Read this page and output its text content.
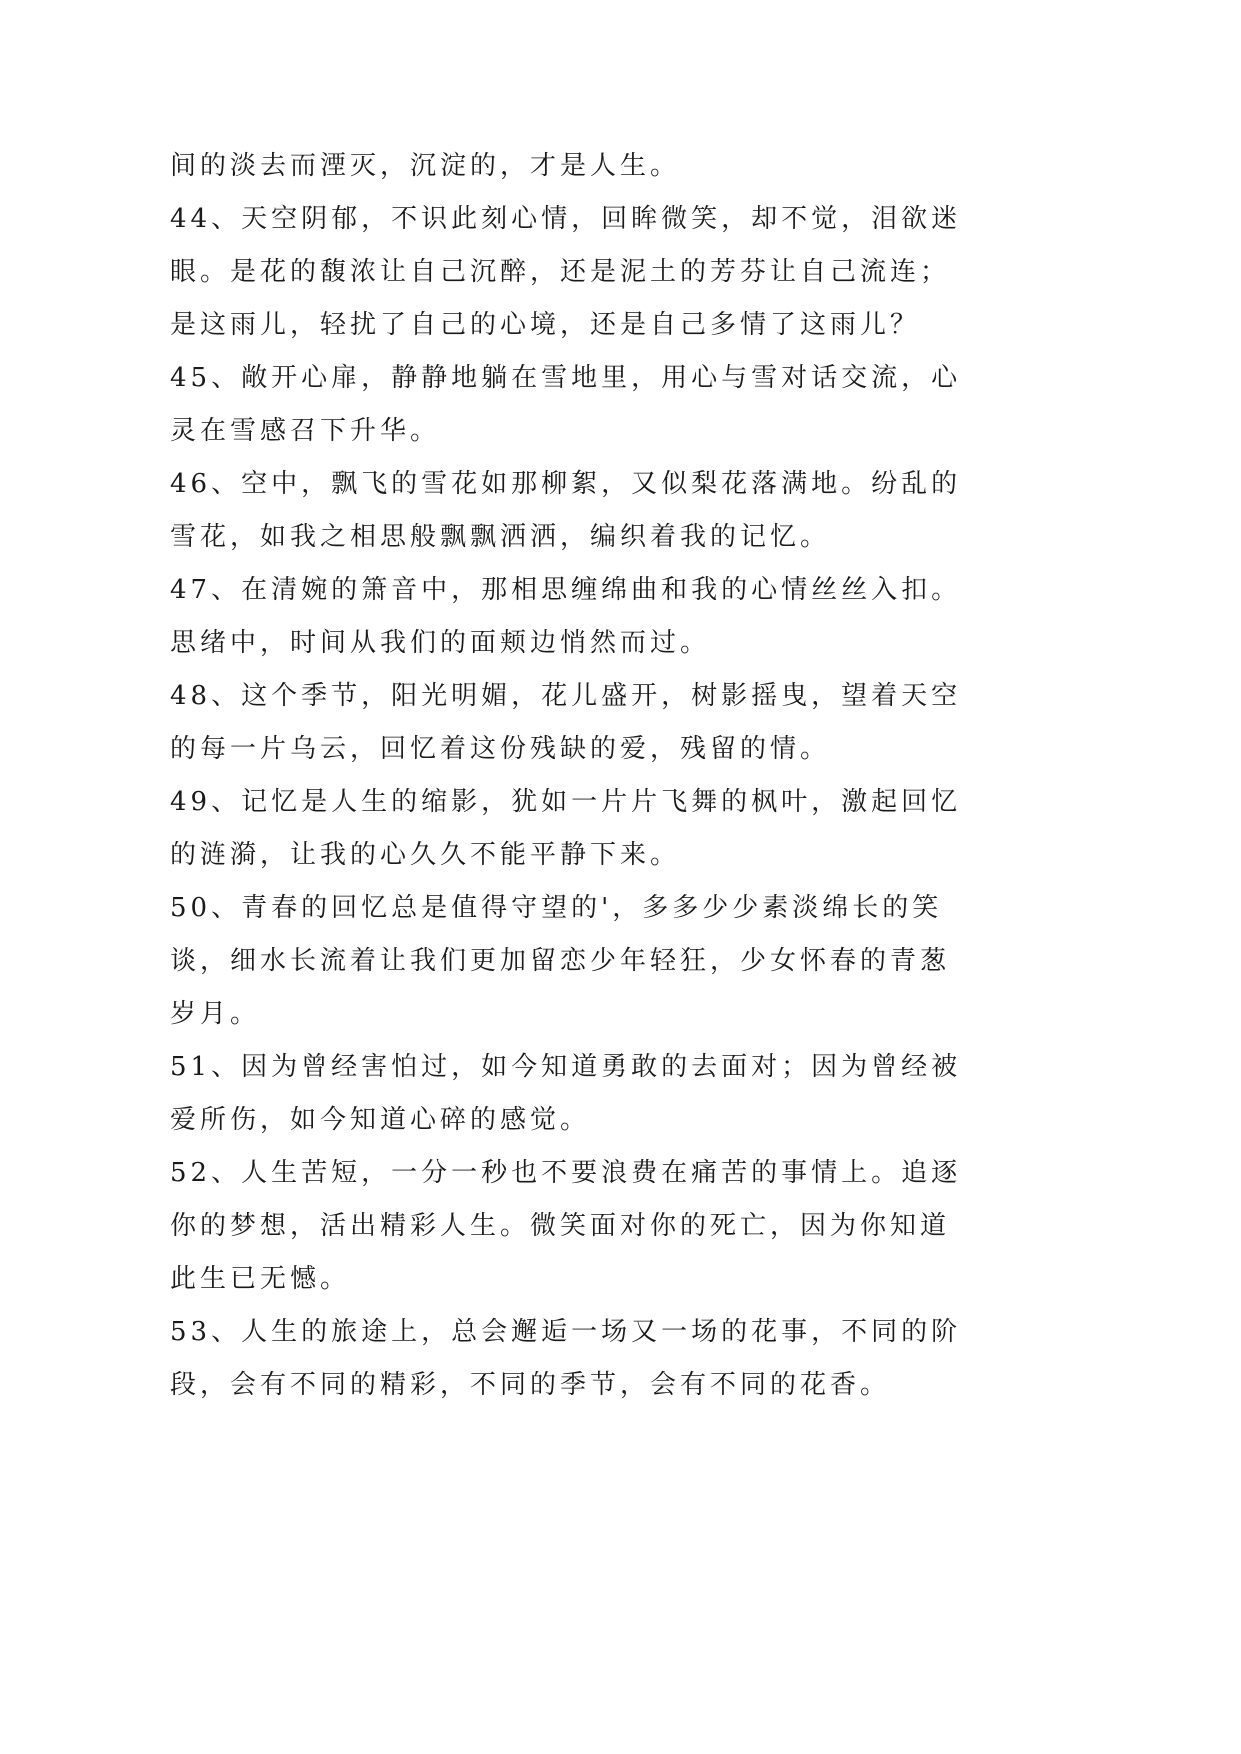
间的淡去而湮灭，沉淀的，才是人生。
44、天空阴郁，不识此刻心情，回眸微笑，却不觉，泪欲迷
眼。是花的馥浓让自己沉醉，还是泥土的芳芬让自己流连；
是这雨儿，轻扰了自己的心境，还是自己多情了这雨儿？
45、敞开心扉，静静地躺在雪地里，用心与雪对话交流，心
灵在雪感召下升华。
46、空中，飘飞的雪花如那柳絮，又似梨花落满地。纷乱的
雪花，如我之相思般飘飘洒洒，编织着我的记忆。
47、在清婉的箫音中，那相思缠绵曲和我的心情丝丝入扣。
思绪中，时间从我们的面颊边悄然而过。
48、这个季节，阳光明媚，花儿盛开，树影摇曳，望着天空
的每一片乌云，回忆着这份残缺的爱，残留的情。
49、记忆是人生的缩影，犹如一片片飞舞的枫叶，激起回忆
的涟漪，让我的心久久不能平静下来。
50、青春的回忆总是值得守望的'，多多少少素淡绵长的笑
谈，细水长流着让我们更加留恋少年轻狂，少女怀春的青葱
岁月。
51、因为曾经害怕过，如今知道勇敢的去面对；因为曾经被
爱所伤，如今知道心碎的感觉。
52、人生苦短，一分一秒也不要浪费在痛苦的事情上。追逐
你的梦想，活出精彩人生。微笑面对你的死亡，因为你知道
此生已无憾。
53、人生的旅途上，总会邂逅一场又一场的花事，不同的阶
段，会有不同的精彩，不同的季节，会有不同的花香。
